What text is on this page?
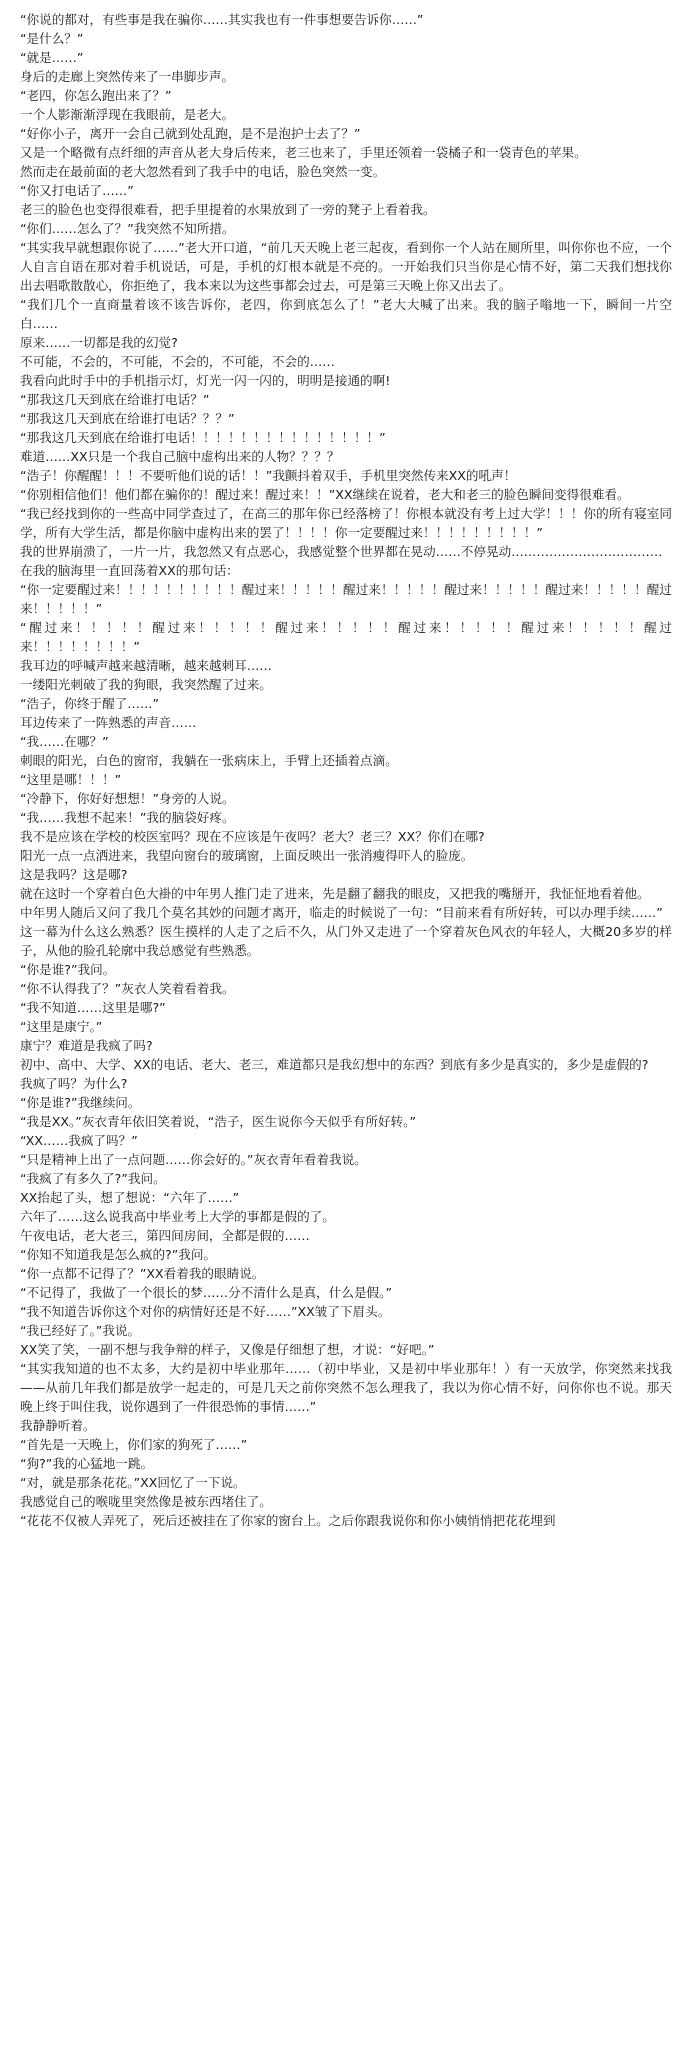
“你说的都对，有些事是我在骗你……其实我也有一件事想要告诉你……”

“是什么？”

“就是……”

身后的走廊上突然传来了一串脚步声。

“老四，你怎么跑出来了？”

一个人影渐渐浮现在我眼前，是老大。

“好你小子，离开一会自己就到处乱跑，是不是泡护士去了？”

又是一个略微有点纤细的声音从老大身后传来，老三也来了，手里还领着一袋橘子和一袋青色的苹果。

然而走在最前面的老大忽然看到了我手中的电话，脸色突然一变。

“你又打电话了……”

老三的脸色也变得很难看，把手里提着的水果放到了一旁的凳子上看着我。

“你们……怎么了？”我突然不知所措。

“其实我早就想跟你说了……”老大开口道，“前几天天晚上老三起夜，看到你一个人站在厕所里，叫你你也不应，一个人自言自语在那对着手机说话，可是，手机的灯根本就是不亮的。一开始我们只当你是心情不好，第二天我们想找你出去唱歌散散心，你拒绝了，我本来以为这些事都会过去，可是第三天晚上你又出去了。

“我们几个一直商量着该不该告诉你，老四，你到底怎么了！”老大大喊了出来。我的脑子嗡地一下，瞬间一片空白……

原来……一切都是我的幻觉?

不可能，不会的，不可能，不会的，不可能，不会的……

我看向此时手中的手机指示灯，灯光一闪一闪的，明明是接通的啊!

“那我这几天到底在给谁打电话？”

“那我这几天到底在给谁打电话？？？”

“那我这几天到底在给谁打电话！！！！！！！！！！！！！！！”

难道……XX只是一个我自己脑中虚构出来的人物？？？？

“浩子！你醒醒！！！不要听他们说的话！！”我颤抖着双手，手机里突然传来XX的吼声！

“你别相信他们！他们都在骗你的！醒过来！醒过来！！”XX继续在说着，老大和老三的脸色瞬间变得很难看。

“我已经找到你的一些高中同学查过了，在高三的那年你已经落榜了！你根本就没有考上过大学！！！你的所有寝室同学，所有大学生活，都是你脑中虚构出来的罢了！！！！你一定要醒过来！！！！！！！！！”

我的世界崩溃了，一片一片，我忽然又有点恶心，我感觉整个世界都在晃动……不停晃动………………………………

在我的脑海里一直回荡着XX的那句话：

“你一定要醒过来！！！！！！！！！！醒过来！！！！！醒过来！！！！！醒过来！！！！！醒过来！！！！！醒过来！！！！！”

“醒过来！！！！！醒过来！！！！！醒过来！！！！！醒过来！！！！！醒过来！！！！！醒过来！！！！！！！！”

我耳边的呼喊声越来越清晰，越来越刺耳……

一缕阳光刺破了我的狗眼，我突然醒了过来。

“浩子，你终于醒了……”

耳边传来了一阵熟悉的声音……

“我……在哪？”

刺眼的阳光，白色的窗帘，我躺在一张病床上，手臂上还插着点滴。

“这里是哪！！！”

“冷静下，你好好想想！”身旁的人说。

“我……我想不起来！”我的脑袋好疼。

我不是应该在学校的校医室吗？现在不应该是午夜吗？老大？老三？XX？你们在哪?

阳光一点一点洒进来，我望向窗台的玻璃窗，上面反映出一张消瘦得吓人的脸庞。

这是我吗？这是哪?

就在这时一个穿着白色大褂的中年男人推门走了进来，先是翻了翻我的眼皮，又把我的嘴掰开，我怔怔地看着他。

中年男人随后又问了我几个莫名其妙的问题才离开，临走的时候说了一句：“目前来看有所好转，可以办理手续……”

这一幕为什么这么熟悉？医生摸样的人走了之后不久，从门外又走进了一个穿着灰色风衣的年轻人，大概20多岁的样子，从他的脸孔轮廓中我总感觉有些熟悉。

“你是谁?”我问。

“你不认得我了？”灰衣人笑着看着我。

“我不知道……这里是哪?”

“这里是康宁。”

康宁？难道是我疯了吗?

初中、高中、大学、XX的电话、老大、老三，难道都只是我幻想中的东西？到底有多少是真实的，多少是虚假的?

我疯了吗？为什么?

“你是谁?”我继续问。

“我是XX。”灰衣青年依旧笑着说，“浩子，医生说你今天似乎有所好转。”

“XX……我疯了吗？”

“只是精神上出了一点问题……你会好的。”灰衣青年看着我说。

“我疯了有多久了?”我问。

XX抬起了头，想了想说：“六年了……”

六年了……这么说我高中毕业考上大学的事都是假的了。

午夜电话，老大老三，第四间房间，全都是假的……

“你知不知道我是怎么疯的?”我问。

“你一点都不记得了？”XX看着我的眼睛说。

“不记得了，我做了一个很长的梦……分不清什么是真，什么是假。”

“我不知道告诉你这个对你的病情好还是不好……”XX皱了下眉头。

“我已经好了。”我说。

XX笑了笑，一副不想与我争辩的样子，又像是仔细想了想，才说：“好吧。”

“其实我知道的也不太多，大约是初中毕业那年……（初中毕业，又是初中毕业那年！）有一天放学，你突然来找我——从前几年我们都是放学一起走的，可是几天之前你突然不怎么理我了，我以为你心情不好，问你你也不说。那天晚上终于叫住我，说你遇到了一件很恐怖的事情……”

我静静听着。

“首先是一天晚上，你们家的狗死了……”

“狗?”我的心猛地一跳。

“对，就是那条花花。”XX回忆了一下说。

我感觉自己的喉咙里突然像是被东西堵住了。

“花花不仅被人弄死了，死后还被挂在了你家的窗台上。之后你跟我说你和你小姨悄悄把花花埋到
